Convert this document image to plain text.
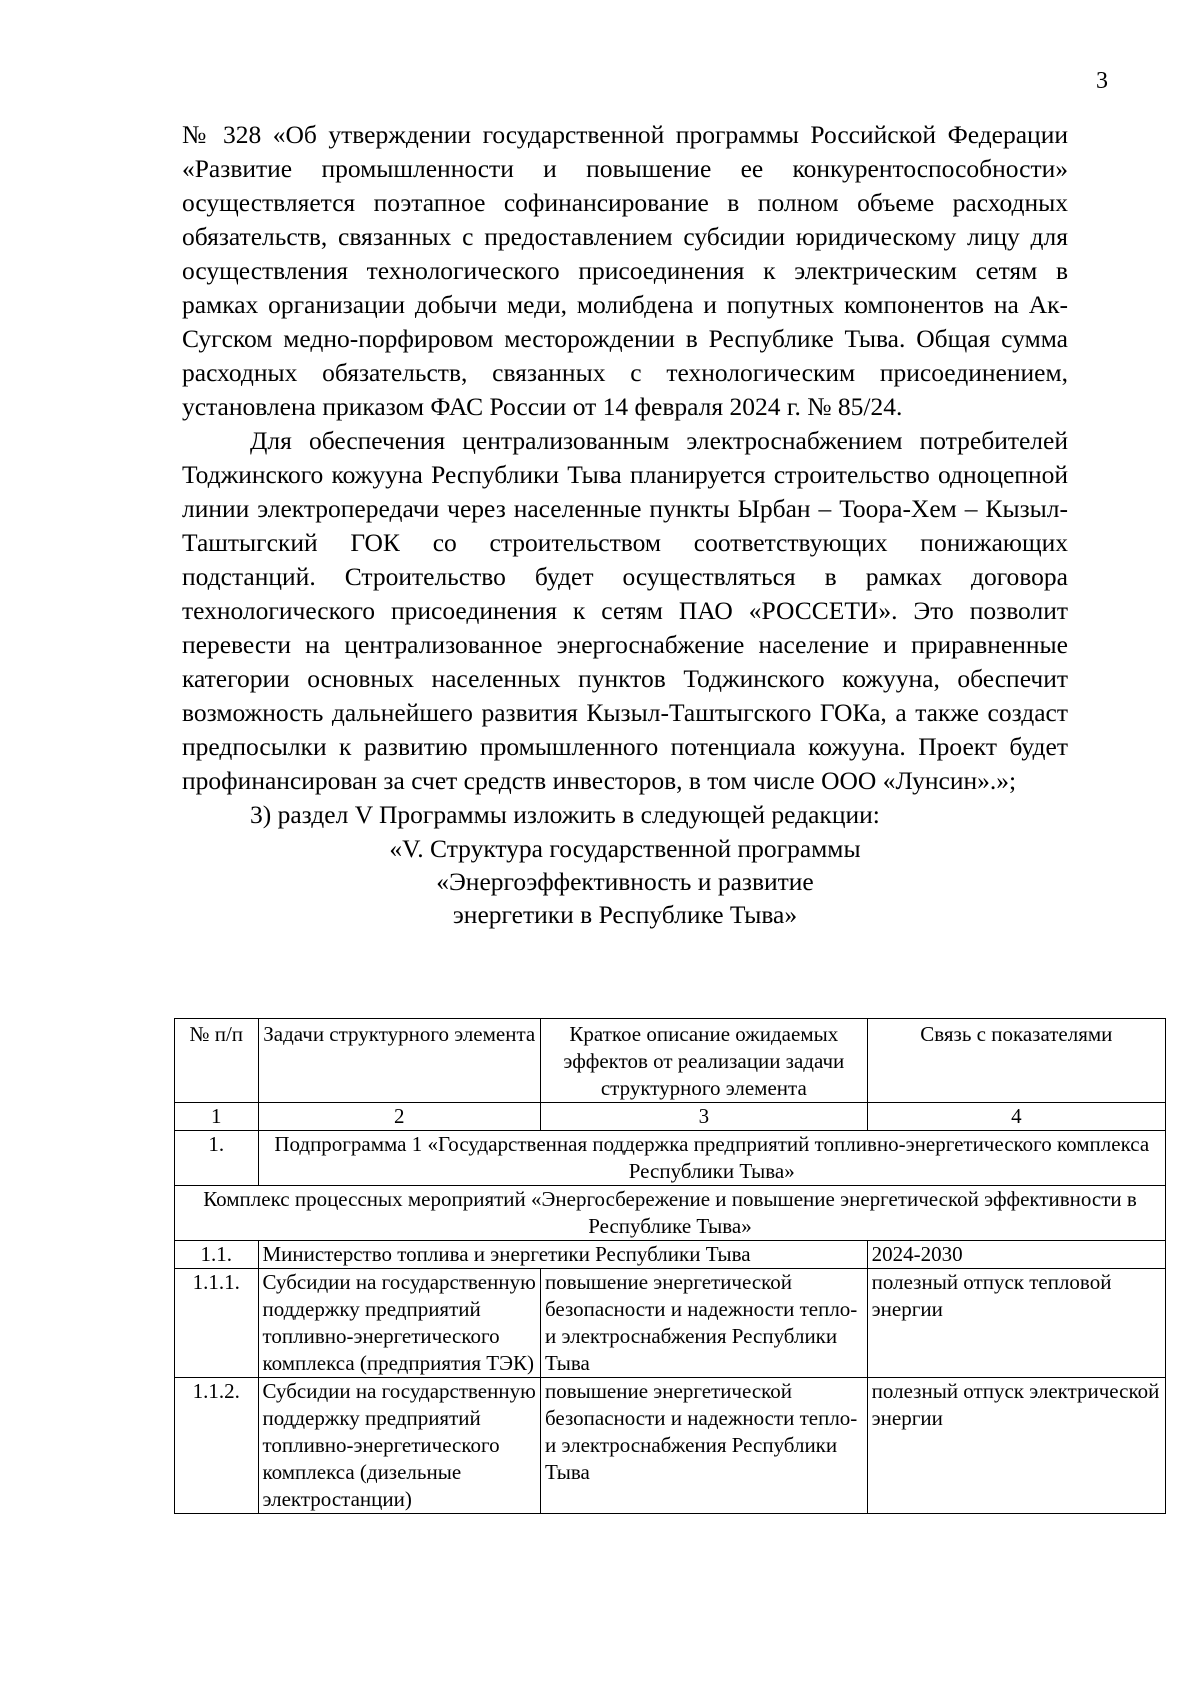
3

№ 328 «Об утверждении государственной программы Российской Федерации «Развитие промышленности и повышение ее конкурентоспособности» осуществляется поэтапное софинансирование в полном объеме расходных обязательств, связанных с предоставлением субсидии юридическому лицу для осуществления технологического присоединения к электрическим сетям в рамках организации добычи меди, молибдена и попутных компонентов на Ак-Сугском медно-порфировом месторождении в Республике Тыва. Общая сумма расходных обязательств, связанных с технологическим присоединением, установлена приказом ФАС России от 14 февраля 2024 г. № 85/24.

Для обеспечения централизованным электроснабжением потребителей Тоджинского кожууна Республики Тыва планируется строительство одноцепной линии электропередачи через населенные пункты Ырбан – Тоора-Хем – Кызыл-Таштыгский ГОК со строительством соответствующих понижающих подстанций. Строительство будет осуществляться в рамках договора технологического присоединения к сетям ПАО «РОССЕТИ». Это позволит перевести на централизованное энергоснабжение население и приравненные категории основных населенных пунктов Тоджинского кожууна, обеспечит возможность дальнейшего развития Кызыл-Таштыгского ГОКа, а также создаст предпосылки к развитию промышленного потенциала кожууна. Проект будет профинансирован за счет средств инвесторов, в том числе ООО «Лунсин».»;

3) раздел V Программы изложить в следующей редакции:

«V. Структура государственной программы
«Энергоэффективность и развитие
энергетики в Республике Тыва»
№ п/п	Задачи структурного элемента	Краткое описание ожидаемых эффектов от реализации задачи структурного элемента	Связь с показателями
1	2	3	4
1.	Подпрограмма 1 «Государственная поддержка предприятий топливно-энергетического комплекса Республики Тыва»		
Комплекс процессных мероприятий «Энергосбережение и повышение энергетической эффективности в Республике Тыва»			
1.1.	Министерство топлива и энергетики Республики Тыва		2024-2030
1.1.1.	Субсидии на государственную поддержку предприятий топливно-энергетического комплекса (предприятия ТЭК)	повышение энергетической безопасности и надежности тепло- и электроснабжения Республики Тыва	полезный отпуск тепловой энергии
1.1.2.	Субсидии на государственную поддержку предприятий топливно-энергетического комплекса (дизельные электростанции)	повышение энергетической безопасности и надежности тепло- и электроснабжения Республики Тыва	полезный отпуск электрической энергии
